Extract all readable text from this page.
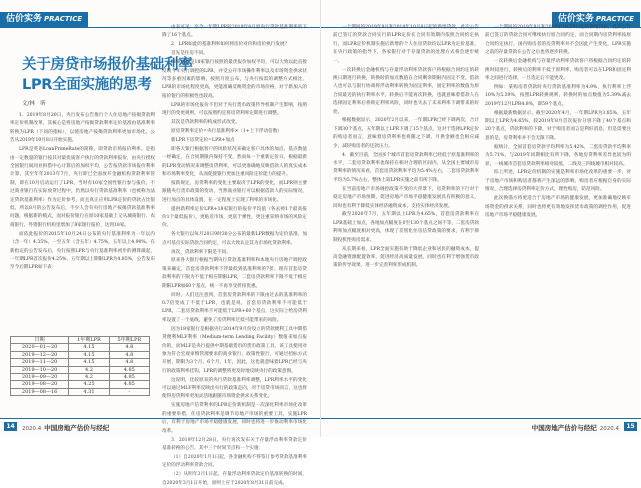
估价实务 PRACTICE
关于房贷市场报价基础利率
LPR全面实施的思考
文/林　昕

1．2019年8月20日，央行发布公告推行个人住房地产按揭贷款利率定价机制改革，其核心是将房地产按揭贷款利率定价基准由基准利率转换为LPR（下同的指标），以使房地产按揭贷款利率更加市场化。公告从2019年10月8日开始实施。

LPR是英语LoanPrimeRate的简称，即贷款市场报价利率。是指由一定数量的银行按其对最优质客户执行的贷款利率报价，由央行授权全国银行间同业拆借中心计算后的加权平均，公告按贷款市场报价利率计算，其至年年2013年7月，央行即已全面放开金融机构贷款利率管制，即在10月启动运行了LPR，当时有10家全国性银行参与报价，不过商业银行在实际放贷过程中，仍然以央行贷款基准利率（也被称为法定贷款基准利率）作为定价参考，而且真正应用LPR定价的贷款占比很低，所以8月的公告发布后，不少人会有央行房地产按揭贷款基准利率问题，根据新的模式，而对报价银行在原10家基础上又从城商银行、农商银行、外资银行机构里增加了8家银行报价，达到18家。

而依此报价的2015年10月24日公布的央行基准利率为一年以内（含一年）4.35%，一至五年（含五年）4.75%，五年以上4.90%。在新指定的公告发布后，央行按照LPR与央行基准利率初步的测算做起，一年期LPR首次报价4.25%，五年期以上期限LPR为4.85%，公告发布至今后期LPR如下表：

日期	1年期LPR	5年期LPR
2020—01—20	4.15	4.8
2019—12—20	4.15	4.8
2019—11—20	4.15	4.8
2019—10—20	4.2	4.85
2019—09—20	4.2	4.85
2019—08—20	4.25	4.85
2019—08—16	4.31	-

由表可见：至今一年期LPR较2019年8月原央行贷款基准利率的下降了16个基点。

2．LPR如此的基准利率如何将房价对价和房价执行发展？

首先是住房不同。

LPR调整是18家银行按照的最优报价加权平均，可以大致以此直接反映今年央行调控的LPR，并受公开市场操作利率以及市场资金供求状况等多重因素的影响，按照月度公布，与央行按需的调整方式相比，LPR的市场化程度更高，更能准确反映资金的市场价格，对于新加入的报价银行的积极性也较高。

LPR的市场化报价不但对于央行货币政策传导机制产生影响，按照现行的变更规则，可以按照约定将房贷利率定期进行调整。

其次是贷款利率的构成形式改变。

原房贷利率定价=央行基准利率×（1+上下浮动倍数）

新LPR下房贷定价=LPR+加点

即各大银行根据客户的风险状况来确定客户具体的加点，基点数值一经确定，在合同期限内保持不变，然而每一个重新定价日，根据最新的LPR变动情况来调整房贷利率，可以更准确地反映借款人的真实成本和市场利率变化，从而促使银行更加注重风险定价能力的提升。

按新规定，房贷利率的变化主要取决于LPR的变化，而LPR则主要跟随央行货币政策的变动，当然商业银行可以根据借款人的实际情况，进行加点的具体设置，在一定程度上实现了利率的市场化。

提供新利率定价LPR+18家银行的报价平均值（各去掉1个最高报价1个最低报价），更贴近市场，更富于弹性，更注重采纳市场的风险定价。

各大银行以每月20日9时30分公布的最新LPR数据为定价基准，加点可基点实际贷款合同约定，可以大致认定其为市场化贷款利率。

再次，贷款利率下限是不同。

原来各大银行根据当期央行贷款基准利率和本地央行房地产调控政策来确定，首套房贷款利率下浮最低到基准利率的7折。现有首套房贷款利率的下限为不低于相应期限LPR，二套房贷款利率下限不低于相应期限LPR加60个基点，统一不再享受折扣优惠。

同时，人们还注意到，首套房贷款利率的下限由过去的基准利率的0.7倍变成了不低于LPR，也就是说，首套房贷款利率不可能低于LPR，二套房贷款利率不可能低于LPR+60个基点，这实际上给房贷利率设置了一个底线，避免了房贷利率过低可能带来的风险。

因为18家银行是根据央行2014年9月份设立的贷款便利工具中期借贷便利MLF利率（Medium-term Lending Facility）数值来加点报价的，而MLF是央行提供中期基础货币的货币政策工具，该工具使用对象为符合宏观审慎管理要求的商业银行、政策性银行，可通过招标方式开展，期限为3个月、6个月、1年，因此，这也就意味着LPR已经与央行的政策利率挂钩，LPR的调整将更及时地反映央行的政策意图。

这说明，比较原来的央行贷款基准利率调整，LPR利率水平的变化可以通过MLF利率反映出央行的政策走向，对于房贷市场而言，这也将使得房贷利率更加灵活地跟随市场资金供求关系变化。

实施房地产信贷利率的LPR定价新机制是一次深化利率市场化改革的重要举措，住房贷款利率是调节房地产市场的重要工具，实施LPR后，有利于房地产市场平稳健康发展，同时也将进一步推动利率市场化改革。

3．2019年12月28日，央行再次发布关于存量浮动利率贷款定价基准转换的公告，其中三个时间节点和一个实施：

（1）自2020年1月1日起，各金融机构不得签订参考贷款基准利率定价的浮动利率贷款合同。

（2）从明年3月1日起，存量浮动利率贷款定价基准转换的时间，自2020年3月1日开始，原则上应于2020年8月31日前完成。

14	2020.4 中国房地产估价与经纪
估价实务 PRACTICE

一个期间的2019年8月和2019年10月8日起的新增贷款，此次公告前已签订的贷款合同实行的LPR定价在合同有效期内依照合同约定执行，而LPR定价机制实施后新增的个人住房贷款均以LPR为定价基准，在央行政策的指导下，各家银行对于存量贷款的处理方式将会逐步统一。

一次转换后金融机构与存量浮动利率贷款客户将根据合同约定的转换日期进行转换，转换时的加点数值在合同剩余期限内固定不变。借款人也可以与银行协商将浮动利率转换为固定利率，固定利率的数值为原合同最近的执行利率水平，转换后不能再次转换，也就意味着借款人在选择固定利率后将锁定利率风险，同时也失去了未来利率下调带来的好处。

根据数据显示，2020年2月以来，一年期LPR已经下调两次，合计下调30个基点，五年期以上LPR下调了15个基点，这对于选择LPR定价的购房者而言，意味着房贷利率也将随之下调，月供金额也会相应减少，减轻购房者的还款压力。

4．截至目前，全国多个城市首套房贷款利率已经低于原基准利率的水平，二套房贷款利率也保持在相对合理的区间内，从全国主要城市房贷利率的情况来看，首套房贷款利率平均为5.4%左右，二套房贷款利率平均为5.7%左右，整体上较LPR实施之前有所下降。

在当前房地产市场调控政策不变的大背景下，房贷利率的下行对于稳定房地产市场预期，促进房地产市场平稳健康发展具有积极的意义，同时也有利于降低实体经济融资成本，支持实体经济发展。

截至2020年7月，五年期以上LPR为4.65%，首套房贷款利率在LPR基础上加点，各地加点幅度在0至130个基点之间不等，二套房贷款利率加点幅度相对更高，体现了差别化住房信贷政策的要求，有利于抑制投机性购房需求。

从长期来看，LPR全面实施有助于降低企业和居民的融资成本，提高金融资源配置效率，促进经济高质量发展，同时也有利于增强货币政策的传导效果，进一步完善利率形成机制。

一个期间的2019年8月和2019年10月8日起的新增贷款，此次公告前已签订的贷款合同可继续执行原合同约定，而合同期内房贷利率按原合同约定执行，国内购房者的房贷利率并不会因此产生变化，LPR实施之前的存量贷款在公告之后也将逐步转换。

一次转换后金融机构与存量浮动利率贷款客户将根据合同约定的转换时间进行，转换后的利率不低于原利率，购房者可以在LPR和固定利率之间进行选择，一旦选定后不能更改。

例如：某购房者贷款时央行贷款基准利率为4.9%，执行利率上浮10%为5.39%，按照LPR转换规则，转换时的加点数值为5.39%减去2019年12月LPR4.8%，即59个基点。

根据最新数据显示，截至2020年4月，一年期LPR为3.85%，五年期以上LPR为4.65%，较2019年8月首次报价分别下降了40个基点和20个基点，贷款利率的下降，对于购房者而言是利好消息，但是需要注意的是，房贷利率并不会无限下降。

据统计，全国首套房贷款平均利率为5.42%，二套房贷款平均利率为5.71%，与2019年同期相比有所下降，各地房贷利率差异也较为明显，一线城市首套房贷款利率相对较低，二线及三四线城市相对较高。

综上所述，LPR定价机制的实施是利率市场化改革的重要一步，对于房地产市场和购房者都将产生深远的影响，购房者应根据自身的实际情况，合理选择房贷利率定价方式，理性购房，防范风险。

此次换锚方将更适合于房地产市场的健康发展，更加准确地反映市场资金的供求关系，同时也将更有效地发挥货币政策的调控作用，促进房地产市场平稳健康发展。

中国房地产估价与经纪 2020.4	15
